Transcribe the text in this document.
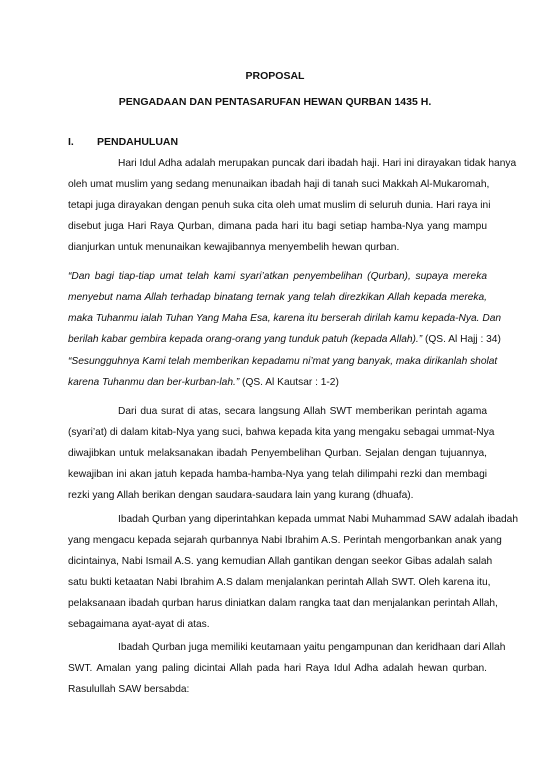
PROPOSAL
PENGADAAN DAN PENTASARUFAN HEWAN QURBAN 1435 H.
I. PENDAHULUAN
Hari Idul Adha adalah merupakan puncak dari ibadah haji. Hari ini dirayakan tidak hanya
oleh umat muslim yang sedang menunaikan ibadah haji di tanah suci Makkah Al-Mukaromah,
tetapi juga dirayakan dengan penuh suka cita oleh umat muslim di seluruh dunia. Hari raya ini
disebut juga Hari Raya Qurban, dimana pada hari itu bagi setiap hamba-Nya yang mampu
dianjurkan untuk menunaikan kewajibannya menyembelih hewan qurban.
“Dan bagi tiap-tiap umat telah kami syari’atkan penyembelihan (Qurban), supaya mereka
menyebut nama Allah terhadap binatang ternak yang telah direzkikan Allah kepada mereka,
maka Tuhanmu ialah Tuhan Yang Maha Esa, karena itu berserah dirilah kamu kepada-Nya. Dan
berilah kabar gembira kepada orang-orang yang tunduk patuh (kepada Allah).” (QS. Al Hajj : 34)
“Sesungguhnya Kami telah memberikan kepadamu ni’mat yang banyak, maka dirikanlah sholat
karena Tuhanmu dan ber-kurban-lah.” (QS. Al Kautsar : 1-2)
Dari dua surat di atas, secara langsung Allah SWT memberikan perintah agama
(syari’at) di dalam kitab-Nya yang suci, bahwa kepada kita yang mengaku sebagai ummat-Nya
diwajibkan untuk melaksanakan ibadah Penyembelihan Qurban. Sejalan dengan tujuannya,
kewajiban ini akan jatuh kepada hamba-hamba-Nya yang telah dilimpahi rezki dan membagi
rezki yang Allah berikan dengan saudara-saudara lain yang kurang (dhuafa).
Ibadah Qurban yang diperintahkan kepada ummat Nabi Muhammad SAW adalah ibadah
yang mengacu kepada sejarah qurbannya Nabi Ibrahim A.S. Perintah mengorbankan anak yang
dicintainya, Nabi Ismail A.S. yang kemudian Allah gantikan dengan seekor Gibas adalah salah
satu bukti ketaatan Nabi Ibrahim A.S dalam menjalankan perintah Allah SWT. Oleh karena itu,
pelaksanaan ibadah qurban harus diniatkan dalam rangka taat dan menjalankan perintah Allah,
sebagaimana ayat-ayat di atas.
Ibadah Qurban juga memiliki keutamaan yaitu pengampunan dan keridhaan dari Allah
SWT. Amalan yang paling dicintai Allah pada hari Raya Idul Adha adalah hewan qurban.
Rasulullah SAW bersabda:
